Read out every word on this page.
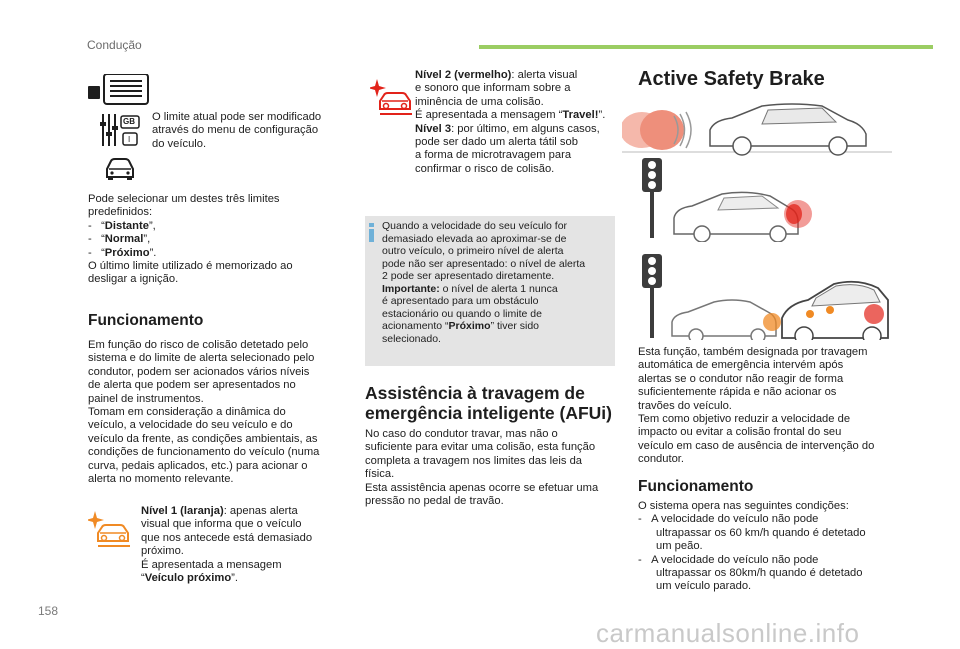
Condução
GB
I
O limite atual pode ser modificado
através do menu de configuração
do veículo.
Pode selecionar um destes três limites
predefinidos:
- “Distante”,
- “Normal”,
- “Próximo”.
O último limite utilizado é memorizado ao
desligar a ignição.
Funcionamento
Em função do risco de colisão detetado pelo
sistema e do limite de alerta selecionado pelo
condutor, podem ser acionados vários níveis
de alerta que podem ser apresentados no
painel de instrumentos.
Tomam em consideração a dinâmica do
veículo, a velocidade do seu veículo e do
veículo da frente, as condições ambientais, as
condições de funcionamento do veículo (numa
curva, pedais aplicados, etc.) para acionar o
alerta no momento relevante.
Nível 1 (laranja): apenas alerta
visual que informa que o veículo
que nos antecede está demasiado
próximo.
É apresentada a mensagem
“Veículo próximo”.
158
Nível 2 (vermelho): alerta visual
e sonoro que informam sobre a
iminência de uma colisão.
É apresentada a mensagem “Travel!”.
Nível 3: por último, em alguns casos,
pode ser dado um alerta tátil sob
a forma de microtravagem para
confirmar o risco de colisão.
Quando a velocidade do seu veículo for
demasiado elevada ao aproximar-se de
outro veículo, o primeiro nível de alerta
pode não ser apresentado: o nível de alerta
2 pode ser apresentado diretamente.
Importante: o nível de alerta 1 nunca
é apresentado para um obstáculo
estacionário ou quando o limite de
acionamento “Próximo” tiver sido
selecionado.
Assistência à travagem de
emergência inteligente (AFUi)
No caso do condutor travar, mas não o
suficiente para evitar uma colisão, esta função
completa a travagem nos limites das leis da
física.
Esta assistência apenas ocorre se efetuar uma
pressão no pedal de travão.
Active Safety Brake
Esta função, também designada por travagem
automática de emergência intervém após
alertas se o condutor não reagir de forma
suficientemente rápida e não acionar os
travões do veículo.
Tem como objetivo reduzir a velocidade de
impacto ou evitar a colisão frontal do seu
veículo em caso de ausência de intervenção do
condutor.
Funcionamento
O sistema opera nas seguintes condições:
- A velocidade do veículo não pode
ultrapassar os 60 km/h quando é detetado
um peão.
- A velocidade do veículo não pode
ultrapassar os 80km/h quando é detetado
um veículo parado.
carmanualsonline.info
